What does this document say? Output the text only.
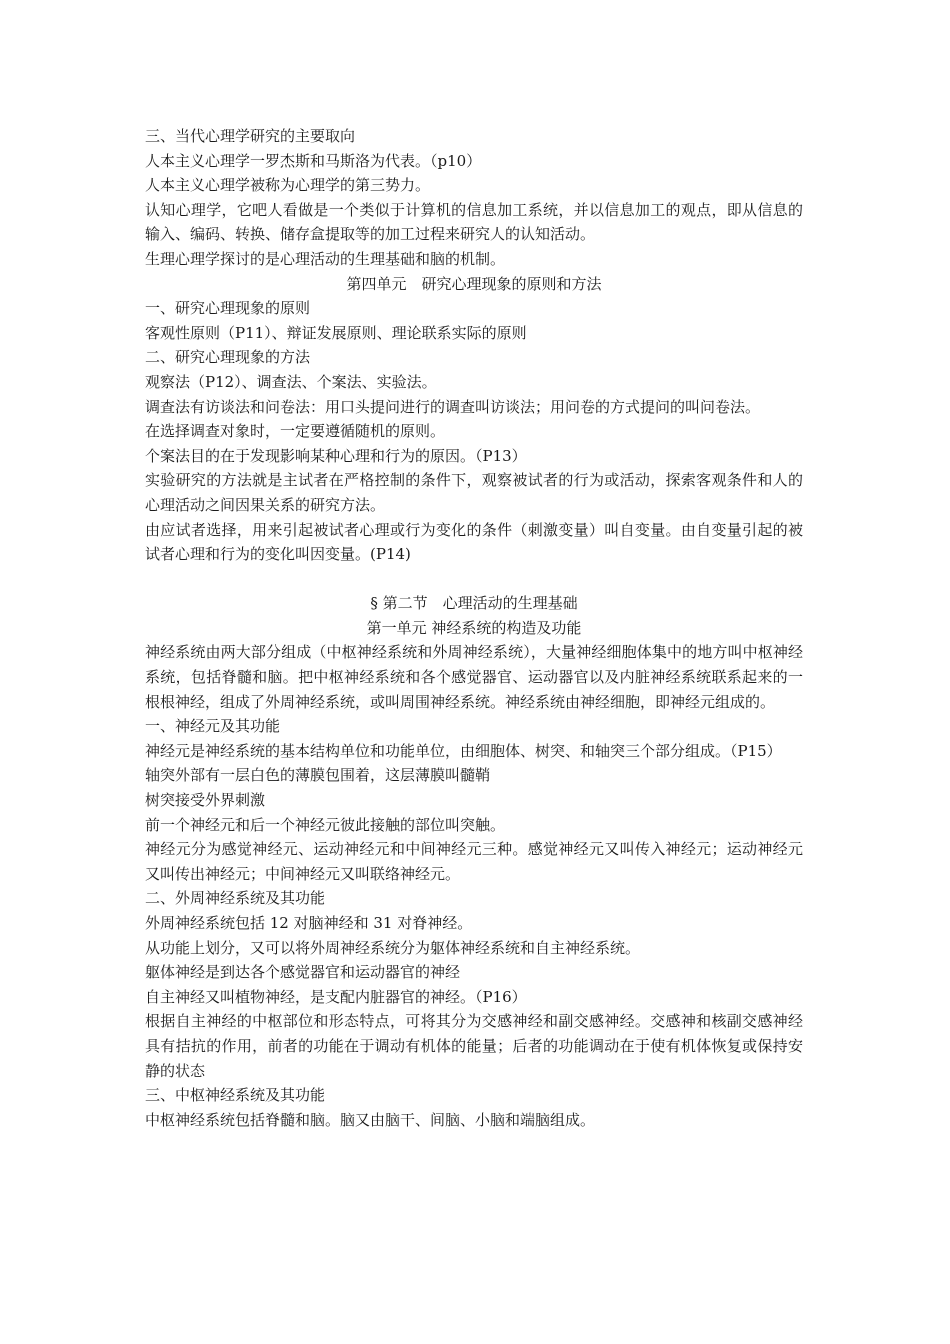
三、当代心理学研究的主要取向

人本主义心理学一罗杰斯和马斯洛为代表。（p10）

人本主义心理学被称为心理学的第三势力。

认知心理学，它吧人看做是一个类似于计算机的信息加工系统，并以信息加工的观点，即从信息的输入、编码、转换、储存盒提取等的加工过程来研究人的认知活动。

生理心理学探讨的是心理活动的生理基础和脑的机制。

第四单元　研究心理现象的原则和方法

一、研究心理现象的原则

客观性原则（P11）、辩证发展原则、理论联系实际的原则

二、研究心理现象的方法

观察法（P12）、调查法、个案法、实验法。

调查法有访谈法和问卷法：用口头提问进行的调查叫访谈法；用问卷的方式提问的叫问卷法。

在选择调查对象时，一定要遵循随机的原则。

个案法目的在于发现影响某种心理和行为的原因。（P13）

实验研究的方法就是主试者在严格控制的条件下，观察被试者的行为或活动，探索客观条件和人的心理活动之间因果关系的研究方法。

由应试者选择，用来引起被试者心理或行为变化的条件（刺激变量）叫自变量。由自变量引起的被试者心理和行为的变化叫因变量。(P14)

§ 第二节　心理活动的生理基础

第一单元 神经系统的构造及功能

神经系统由两大部分组成（中枢神经系统和外周神经系统），大量神经细胞体集中的地方叫中枢神经系统，包括脊髓和脑。把中枢神经系统和各个感觉器官、运动器官以及内脏神经系统联系起来的一根根神经，组成了外周神经系统，或叫周围神经系统。神经系统由神经细胞，即神经元组成的。

一、神经元及其功能

神经元是神经系统的基本结构单位和功能单位，由细胞体、树突、和轴突三个部分组成。（P15）

轴突外部有一层白色的薄膜包围着，这层薄膜叫髓鞘

树突接受外界刺激

前一个神经元和后一个神经元彼此接触的部位叫突触。

神经元分为感觉神经元、运动神经元和中间神经元三种。感觉神经元又叫传入神经元；运动神经元又叫传出神经元；中间神经元又叫联络神经元。

二、外周神经系统及其功能

外周神经系统包括 12 对脑神经和 31 对脊神经。

从功能上划分，又可以将外周神经系统分为躯体神经系统和自主神经系统。

躯体神经是到达各个感觉器官和运动器官的神经

自主神经又叫植物神经，是支配内脏器官的神经。（P16）

根据自主神经的中枢部位和形态特点，可将其分为交感神经和副交感神经。交感神和核副交感神经具有拮抗的作用，前者的功能在于调动有机体的能量；后者的功能调动在于使有机体恢复或保持安静的状态

三、中枢神经系统及其功能

中枢神经系统包括脊髓和脑。脑又由脑干、间脑、小脑和端脑组成。
